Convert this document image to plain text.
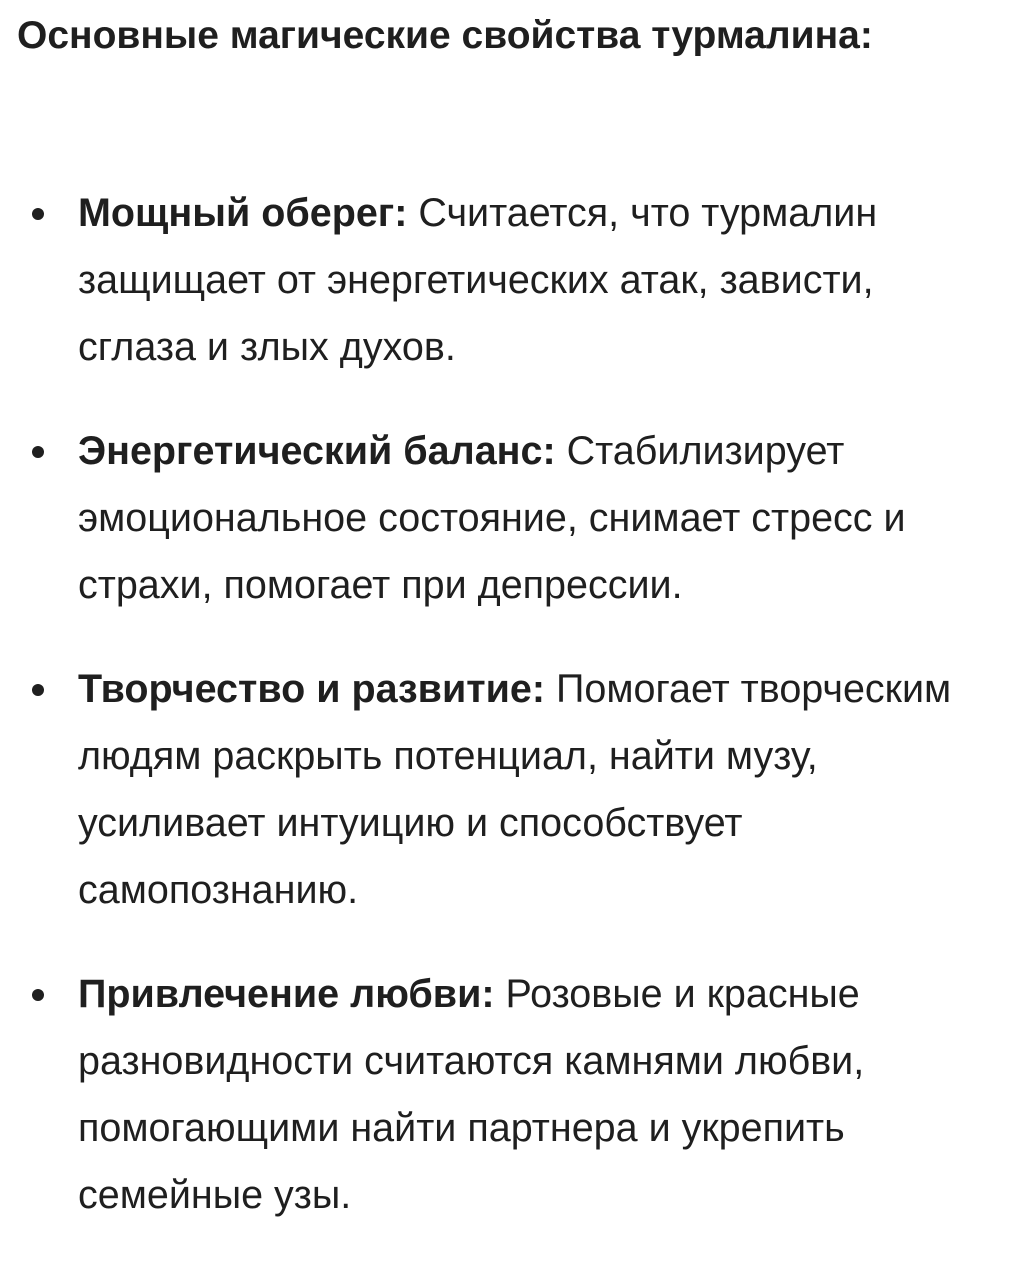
Основные магические свойства турмалина:
Мощный оберег: Считается, что турмалин защищает от энергетических атак, зависти, сглаза и злых духов.
Энергетический баланс: Стабилизирует эмоциональное состояние, снимает стресс и страхи, помогает при депрессии.
Творчество и развитие: Помогает творческим людям раскрыть потенциал, найти музу, усиливает интуицию и способствует самопознанию.
Привлечение любви: Розовые и красные разновидности считаются камнями любви, помогающими найти партнера и укрепить семейные узы.
